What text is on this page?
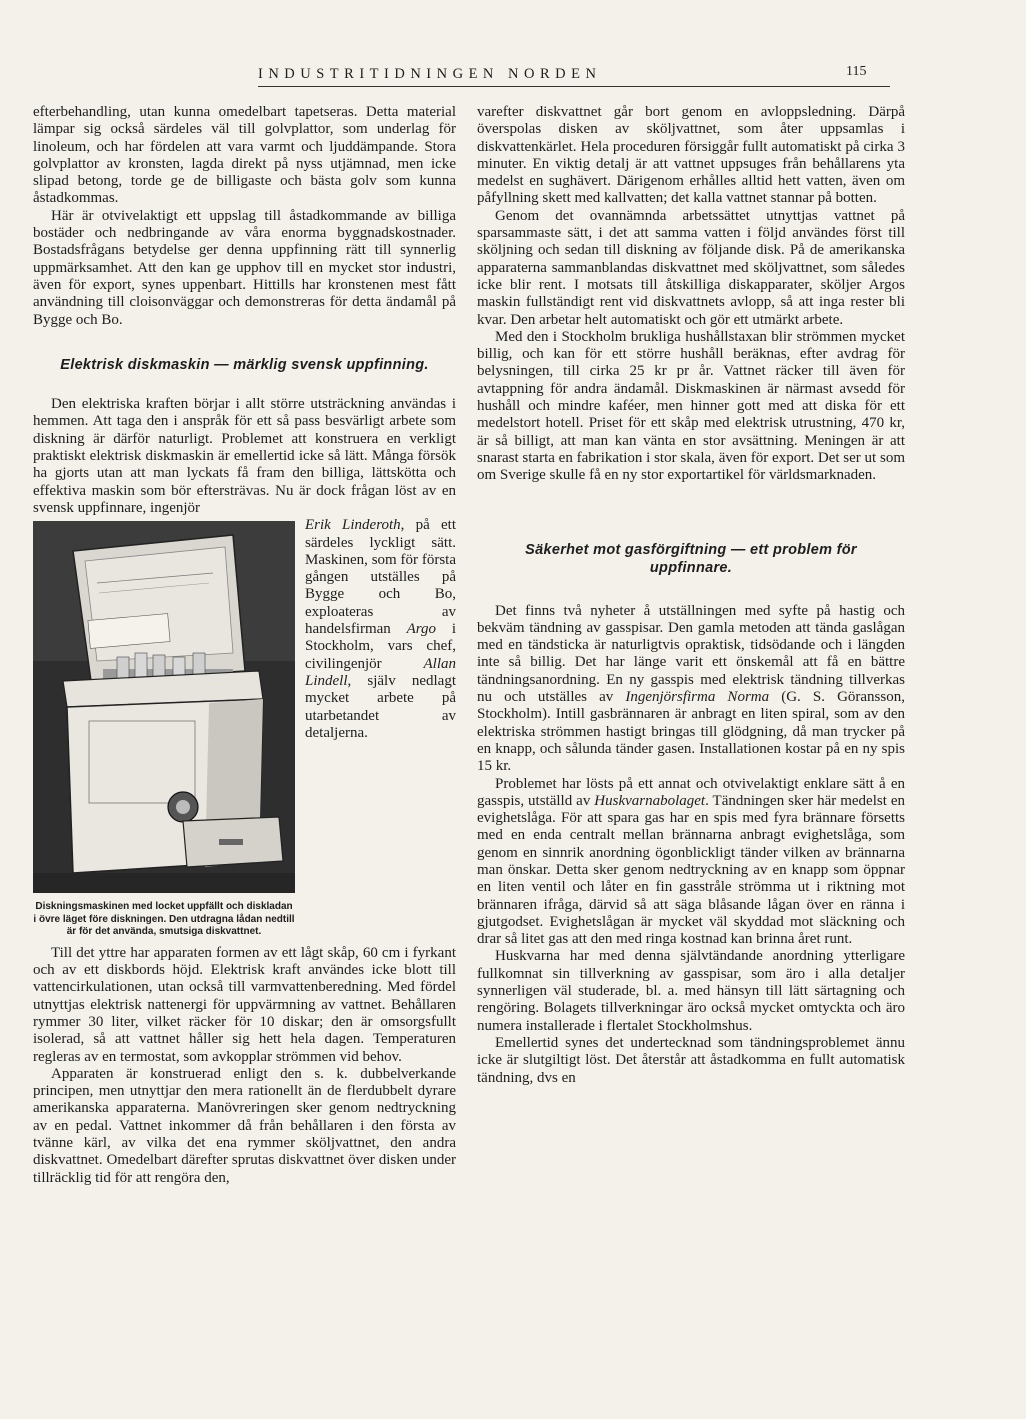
INDUSTRITIDNINGEN NORDEN	115

efterbehandling, utan kunna omedelbart tapetseras. Detta material lämpar sig också särdeles väl till golvplattor, som underlag för linoleum, och har fördelen att vara varmt och ljuddämpande. Stora golvplattor av kronsten, lagda direkt på nyss utjämnad, men icke slipad betong, torde ge de billigaste och bästa golv som kunna åstadkommas.

Här är otvivelaktigt ett uppslag till åstadkommande av billiga bostäder och nedbringande av våra enorma byggnadskostnader. Bostadsfrågans betydelse ger denna uppfinning rätt till synnerlig uppmärksamhet. Att den kan ge upphov till en mycket stor industri, även för export, synes uppenbart. Hittills har kronstenen mest fått användning till cloisonväggar och demonstreras för detta ändamål på Bygge och Bo.

Elektrisk diskmaskin — märklig svensk uppfinning.

Den elektriska kraften börjar i allt större utsträckning användas i hemmen. Att taga den i anspråk för ett så pass besvärligt arbete som diskning är därför naturligt. Problemet att konstruera en verkligt praktiskt elektrisk diskmaskin är emellertid icke så lätt. Många försök ha gjorts utan att man lyckats få fram den billiga, lättskötta och effektiva maskin som bör eftersträvas. Nu är dock frågan löst av en svensk uppfinnare, ingenjör

Diskningsmaskinen med locket uppfällt och diskladan i övre läget före diskningen. Den utdragna lådan nedtill är för det använda, smutsiga diskvattnet.

Erik Linderoth, på ett särdeles lyckligt sätt. Maskinen, som för första gången utställes på Bygge och Bo, exploateras av handelsfirman Argo i Stockholm, vars chef, civilingenjör Allan Lindell, själv nedlagt mycket arbete på utarbetandet av detaljerna.

Till det yttre har apparaten formen av ett lågt skåp, 60 cm i fyrkant och av ett diskbords höjd. Elektrisk kraft användes icke blott till vattencirkulationen, utan också till varmvattenberedning. Med fördel utnyttjas elektrisk nattenergi för uppvärmning av vattnet. Behållaren rymmer 30 liter, vilket räcker för 10 diskar; den är omsorgsfullt isolerad, så att vattnet håller sig hett hela dagen. Temperaturen regleras av en termostat, som avkopplar strömmen vid behov.

Apparaten är konstruerad enligt den s. k. dubbelverkande principen, men utnyttjar den mera rationellt än de flerdubbelt dyrare amerikanska apparaterna. Manövreringen sker genom nedtryckning av en pedal. Vattnet inkommer då från behållaren i den första av tvänne kärl, av vilka det ena rymmer sköljvattnet, den andra diskvattnet. Omedelbart därefter sprutas diskvattnet över disken under tillräcklig tid för att rengöra den,

varefter diskvattnet går bort genom en avloppsledning. Därpå överspolas disken av sköljvattnet, som åter uppsamlas i diskvattenkärlet. Hela proceduren försiggår fullt automatiskt på cirka 3 minuter. En viktig detalj är att vattnet uppsuges från behållarens yta medelst en sughävert. Därigenom erhålles alltid hett vatten, även om påfyllning skett med kallvatten; det kalla vattnet stannar på botten.

Genom det ovannämnda arbetssättet utnyttjas vattnet på sparsammaste sätt, i det att samma vatten i följd användes först till sköljning och sedan till diskning av följande disk. På de amerikanska apparaterna sammanblandas diskvattnet med sköljvattnet, som således icke blir rent. I motsats till åtskilliga diskapparater, sköljer Argos maskin fullständigt rent vid diskvattnets avlopp, så att inga rester bli kvar. Den arbetar helt automatiskt och gör ett utmärkt arbete.

Med den i Stockholm brukliga hushållstaxan blir strömmen mycket billig, och kan för ett större hushåll beräknas, efter avdrag för belysningen, till cirka 25 kr pr år. Vattnet räcker till även för avtappning för andra ändamål. Diskmaskinen är närmast avsedd för hushåll och mindre kaféer, men hinner gott med att diska för ett medelstort hotell. Priset för ett skåp med elektrisk utrustning, 470 kr, är så billigt, att man kan vänta en stor avsättning. Meningen är att snarast starta en fabrikation i stor skala, även för export. Det ser ut som om Sverige skulle få en ny stor exportartikel för världsmarknaden.

Säkerhet mot gasförgiftning — ett problem för uppfinnare.

Det finns två nyheter å utställningen med syfte på hastig och bekväm tändning av gasspisar. Den gamla metoden att tända gaslågan med en tändsticka är naturligtvis opraktisk, tidsödande och i längden inte så billig. Det har länge varit ett önskemål att få en bättre tändningsanordning. En ny gasspis med elektrisk tändning tillverkas nu och utställes av Ingenjörsfirma Norma (G. S. Göransson, Stockholm). Intill gasbrännaren är anbragt en liten spiral, som av den elektriska strömmen hastigt bringas till glödgning, då man trycker på en knapp, och sålunda tänder gasen. Installationen kostar på en ny spis 15 kr.

Problemet har lösts på ett annat och otvivelaktigt enklare sätt å en gasspis, utställd av Huskvarnabolaget. Tändningen sker här medelst en evighetslåga. För att spara gas har en spis med fyra brännare försetts med en enda centralt mellan brännarna anbragt evighetslåga, som genom en sinnrik anordning ögonblickligt tänder vilken av brännarna man önskar. Detta sker genom nedtryckning av en knapp som öppnar en liten ventil och låter en fin gasstråle strömma ut i riktning mot brännaren ifråga, därvid så att säga blåsande lågan över en ränna i gjutgodset. Evighetslågan är mycket väl skyddad mot släckning och drar så litet gas att den med ringa kostnad kan brinna året runt.

Huskvarna har med denna självtändande anordning ytterligare fullkomnat sin tillverkning av gasspisar, som äro i alla detaljer synnerligen väl studerade, bl. a. med hänsyn till lätt särtagning och rengöring. Bolagets tillverkningar äro också mycket omtyckta och äro numera installerade i flertalet Stockholmshus.

Emellertid synes det undertecknad som tändningsproblemet ännu icke är slutgiltigt löst. Det återstår att åstadkomma en fullt automatisk tändning, dvs en
